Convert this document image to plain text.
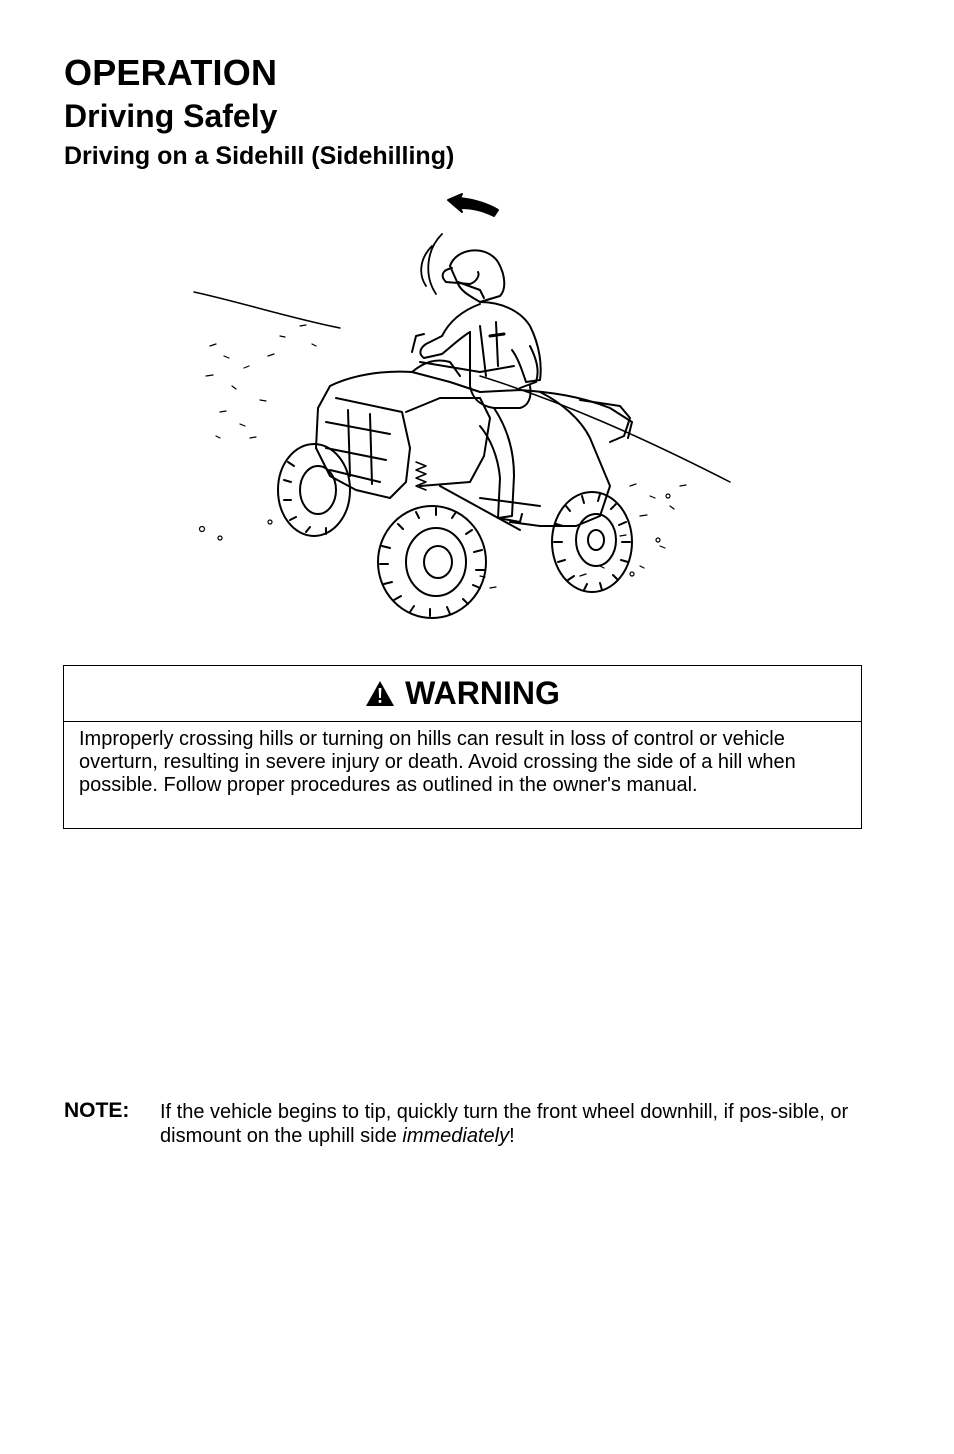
OPERATION
Driving Safely
Driving on a Sidehill (Sidehilling)
WARNING
Improperly crossing hills or turning on hills can result in loss of control or vehicle overturn, resulting in severe injury or death. Avoid crossing the side of a hill when possible. Follow proper procedures as outlined in the owner's manual.
NOTE: If the vehicle begins to tip, quickly turn the front wheel downhill, if pos-sible, or dismount on the uphill side immediately!
